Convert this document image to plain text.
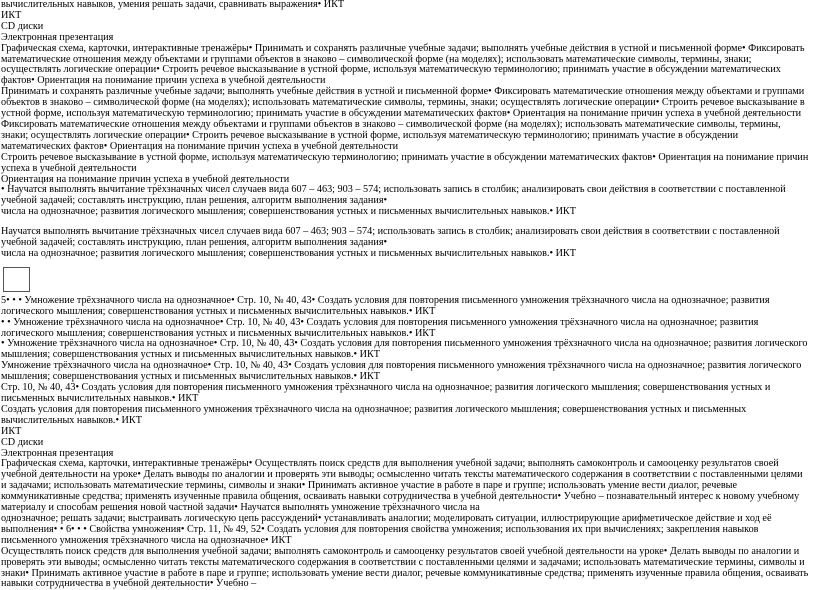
вычислительных навыков, умения решать задачи, сравнивать выражения• ИКТ

ИКТ

CD диски

Электронная презентация

Графическая схема, карточки, интерактивные тренажёры• Принимать и сохранять различные учебные задачи; выполнять учебные действия в устной и письменной форме• Фиксировать математические отношения между объектами и группами объектов в знаково – символической форме (на моделях); использовать математические символы, термины, знаки; осуществлять логические операции• Строить речевое высказывание в устной форме, используя математическую терминологию; принимать участие в обсуждении математических фактов• Ориентация на понимание причин успеха в учебной деятельности

Принимать и сохранять различные учебные задачи; выполнять учебные действия в устной и письменной форме• Фиксировать математические отношения между объектами и группами объектов в знаково – символической форме (на моделях); использовать математические символы, термины, знаки; осуществлять логические операции• Строить речевое высказывание в устной форме, используя математическую терминологию; принимать участие в обсуждении математических фактов• Ориентация на понимание причин успеха в учебной деятельности

Фиксировать математические отношения между объектами и группами объектов в знаково – символической форме (на моделях); использовать математические символы, термины, знаки; осуществлять логические операции• Строить речевое высказывание в устной форме, используя математическую терминологию; принимать участие в обсуждении математических фактов• Ориентация на понимание причин успеха в учебной деятельности

Строить речевое высказывание в устной форме, используя математическую терминологию; принимать участие в обсуждении математических фактов• Ориентация на понимание причин успеха в учебной деятельности

Ориентация на понимание причин успеха в учебной деятельности

• Научатся выполнять вычитание трёхзначных чисел случаев вида 607 – 463; 903 – 574; использовать запись в столбик; анализировать свои действия в соответствии с поставленной учебной задачей; составлять инструкцию, план решения, алгоритм выполнения задания•

числа на однозначное; развития логического мышления; совершенствования устных и письменных вычислительных навыков.• ИКТ

Научатся выполнять вычитание трёхзначных чисел случаев вида 607 – 463; 903 – 574; использовать запись в столбик; анализировать свои действия в соответствии с поставленной учебной задачей; составлять инструкцию, план решения, алгоритм выполнения задания•

числа на однозначное; развития логического мышления; совершенствования устных и письменных вычислительных навыков.• ИКТ

5• • • Умножение трёхзначного числа на однозначное• Стр. 10, № 40, 43• Создать условия для повторения письменного умножения трёхзначного числа на однозначное; развития логического мышления; совершенствования устных и письменных вычислительных навыков.• ИКТ

• • Умножение трёхзначного числа на однозначное• Стр. 10, № 40, 43• Создать условия для повторения письменного умножения трёхзначного числа на однозначное; развития логического мышления; совершенствования устных и письменных вычислительных навыков.• ИКТ

• Умножение трёхзначного числа на однозначное• Стр. 10, № 40, 43• Создать условия для повторения письменного умножения трёхзначного числа на однозначное; развития логического мышления; совершенствования устных и письменных вычислительных навыков.• ИКТ

Умножение трёхзначного числа на однозначное• Стр. 10, № 40, 43• Создать условия для повторения письменного умножения трёхзначного числа на однозначное; развития логического мышления; совершенствования устных и письменных вычислительных навыков.• ИКТ

Стр. 10, № 40, 43• Создать условия для повторения письменного умножения трёхзначного числа на однозначное; развития логического мышления; совершенствования устных и письменных вычислительных навыков.• ИКТ

Создать условия для повторения письменного умножения трёхзначного числа на однозначное; развития логического мышления; совершенствования устных и письменных вычислительных навыков.• ИКТ

ИКТ

CD диски

Электронная презентация

Графическая схема, карточки, интерактивные тренажёры• Осуществлять поиск средств для выполнения учебной задачи; выполнять самоконтроль и самооценку результатов своей учебной деятельности на уроке• Делать выводы по аналогии и проверять эти выводы; осмысленно читать тексты математического содержания в соответствии с поставленными целями и задачами; использовать математические термины, символы и знаки• Принимать активное участие в работе в паре и группе; использовать умение вести диалог, речевые коммуникативные средства; применять изученные правила общения, осваивать навыки сотрудничества в учебной деятельности• Учебно – познавательный интерес к новому учебному материалу и способам решения новой частной задачи• Научатся выполнять умножение трёхзначного числа на

однозначное; решать задачи; выстраивать логическую цепь рассуждений• устанавливать аналогии; моделировать ситуации, иллюстрирующие арифметическое действие и ход её выполнения• • 6• • • Свойства умножения• Стр. 11, № 49, 52• Создать условия для повторения свойства умножения; использования их при вычислениях; закрепления навыков письменного умножения трёхзначного числа на однозначное• ИКТ

Осуществлять поиск средств для выполнения учебной задачи; выполнять самоконтроль и самооценку результатов своей учебной деятельности на уроке• Делать выводы по аналогии и проверять эти выводы; осмысленно читать тексты математического содержания в соответствии с поставленными целями и задачами; использовать математические термины, символы и знаки• Принимать активное участие в работе в паре и группе; использовать умение вести диалог, речевые коммуникативные средства; применять изученные правила общения, осваивать навыки сотрудничества в учебной деятельности• Учебно –
